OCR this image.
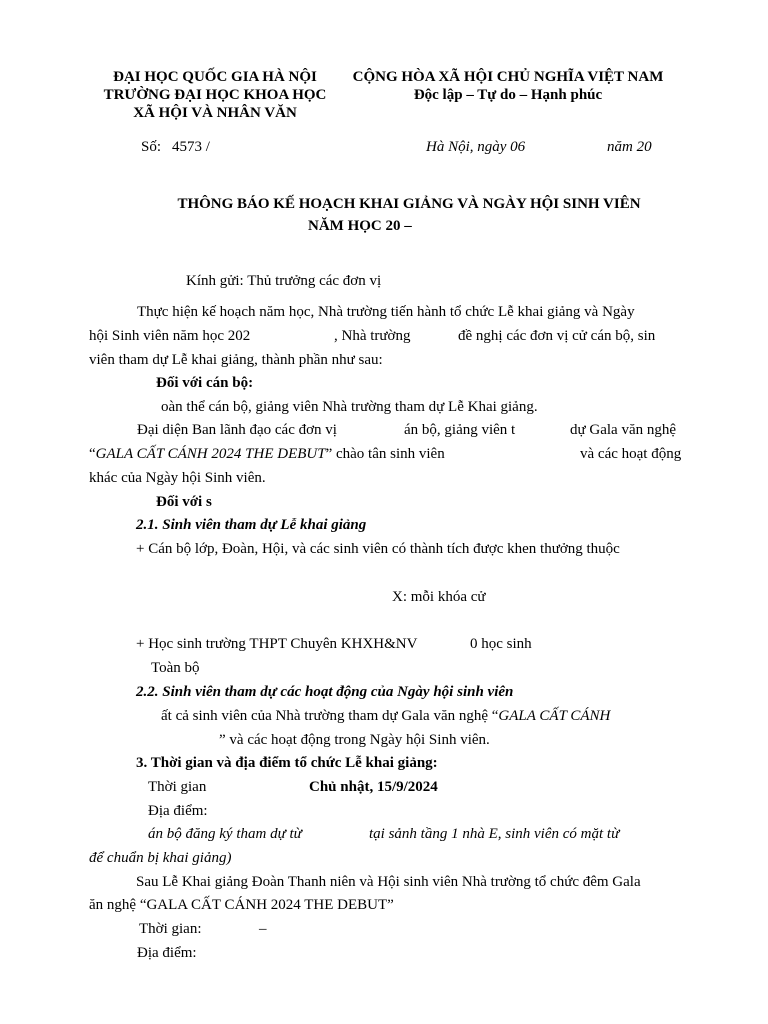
ĐẠI HỌC QUỐC GIA HÀ NỘI
TRƯỜNG ĐẠI HỌC KHOA HỌC
XÃ HỘI VÀ NHÂN VĂN
CỘNG HÒA XÃ HỘI CHỦ NGHĨA VIỆT NAM
Độc lập – Tự do – Hạnh phúc
Số: 4573 /	Hà Nội, ngày 06	năm 20
THÔNG BÁO KẾ HOẠCH KHAI GIẢNG VÀ NGÀY HỘI SINH VIÊN
NĂM HỌC 20 –
Kính gửi: Thủ trưởng các đơn vị
Thực hiện kế hoạch năm học, Nhà trường tiến hành tổ chức Lễ khai giảng và Ngày
hội Sinh viên năm học 202	, Nhà trường	đề nghị các đơn vị cử cán bộ, sin
viên tham dự Lễ khai giảng, thành phần như sau:
Đối với cán bộ:
oàn thể cán bộ, giảng viên Nhà trường tham dự Lễ Khai giảng.
Đại diện Ban lãnh đạo các đơn vị	án bộ, giảng viên t	dự Gala văn nghệ
“GALA CẤT CÁNH 2024 THE DEBUT” chào tân sinh viên	và các hoạt động
khác của Ngày hội Sinh viên.
Đối với s
2.1. Sinh viên tham dự Lễ khai giảng
+ Cán bộ lớp, Đoàn, Hội, và các sinh viên có thành tích được khen thưởng thuộc
X: mỗi khóa cử
+ Học sinh trường THPT Chuyên KHXH&NV	0 học sinh
Toàn bộ
2.2. Sinh viên tham dự các hoạt động của Ngày hội sinh viên
ất cả sinh viên của Nhà trường tham dự Gala văn nghệ “GALA CẤT CÁNH
” và các hoạt động trong Ngày hội Sinh viên.
3. Thời gian và địa điểm tổ chức Lễ khai giảng:
Thời gian	Chủ nhật, 15/9/2024
Địa điểm:
án bộ đăng ký tham dự từ	tại sảnh tầng 1 nhà E, sinh viên có mặt từ
để chuẩn bị khai giảng)
Sau Lễ Khai giảng Đoàn Thanh niên và Hội sinh viên Nhà trường tổ chức đêm Gala
ăn nghệ “GALA CẤT CÁNH 2024 THE DEBUT”
Thời gian:	–
Địa điểm:
